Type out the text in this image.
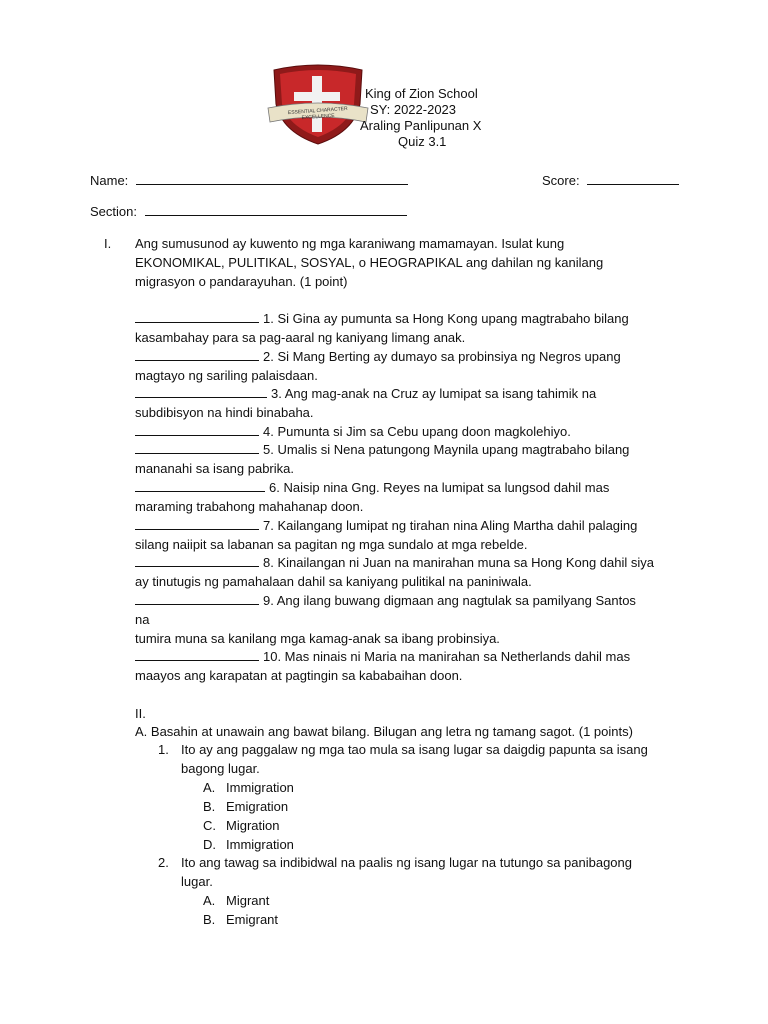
ESSENTIAL CHARACTER EXCELLENCE
King of Zion School
SY: 2022-2023
Araling Panlipunan X
Quiz 3.1
Name:	Score:
Section:
I. Ang sumusunod ay kuwento ng mga karaniwang mamamayan. Isulat kung
EKONOMIKAL, PULITIKAL, SOSYAL, o HEOGRAPIKAL ang dahilan ng kanilang
migrasyon o pandarayuhan. (1 point)
1. Si Gina ay pumunta sa Hong Kong upang magtrabaho bilang
kasambahay para sa pag-aaral ng kaniyang limang anak.
2. Si Mang Berting ay dumayo sa probinsiya ng Negros upang
magtayo ng sariling palaisdaan.
3. Ang mag-anak na Cruz ay lumipat sa isang tahimik na
subdibisyon na hindi binabaha.
4. Pumunta si Jim sa Cebu upang doon magkolehiyo.
5. Umalis si Nena patungong Maynila upang magtrabaho bilang
mananahi sa isang pabrika.
6. Naisip nina Gng. Reyes na lumipat sa lungsod dahil mas
maraming trabahong mahahanap doon.
7. Kailangang lumipat ng tirahan nina Aling Martha dahil palaging
silang naiipit sa labanan sa pagitan ng mga sundalo at mga rebelde.
8. Kinailangan ni Juan na manirahan muna sa Hong Kong dahil siya
ay tinutugis ng pamahalaan dahil sa kaniyang pulitikal na paniniwala.
9. Ang ilang buwang digmaan ang nagtulak sa pamilyang Santos
na
tumira muna sa kanilang mga kamag-anak sa ibang probinsiya.
10. Mas ninais ni Maria na manirahan sa Netherlands dahil mas
maayos ang karapatan at pagtingin sa kababaihan doon.
II.
A. Basahin at unawain ang bawat bilang. Bilugan ang letra ng tamang sagot. (1 points)
1. Ito ay ang paggalaw ng mga tao mula sa isang lugar sa daigdig papunta sa isang
bagong lugar.
A. Immigration
B. Emigration
C. Migration
D. Immigration
2. Ito ang tawag sa indibidwal na paalis ng isang lugar na tutungo sa panibagong
lugar.
A. Migrant
B. Emigrant
